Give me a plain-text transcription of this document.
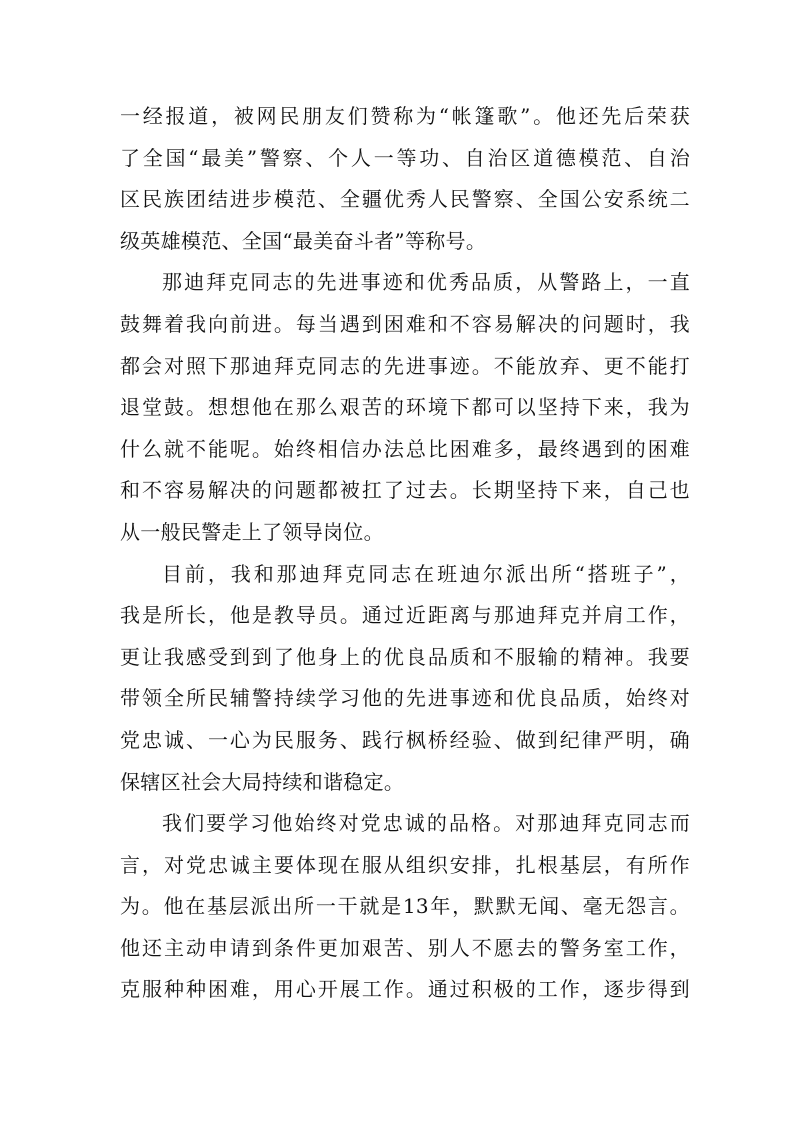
一经报道，被网民朋友们赞称为“帐篷歌”。他还先后荣获
了全国“最美”警察、个人一等功、自治区道德模范、自治
区民族团结进步模范、全疆优秀人民警察、全国公安系统二
级英雄模范、全国“最美奋斗者”等称号。
那迪拜克同志的先进事迹和优秀品质，从警路上，一直
鼓舞着我向前进。每当遇到困难和不容易解决的问题时，我
都会对照下那迪拜克同志的先进事迹。不能放弃、更不能打
退堂鼓。想想他在那么艰苦的环境下都可以坚持下来，我为
什么就不能呢。始终相信办法总比困难多，最终遇到的困难
和不容易解决的问题都被扛了过去。长期坚持下来，自己也
从一般民警走上了领导岗位。
目前，我和那迪拜克同志在班迪尔派出所“搭班子”，
我是所长，他是教导员。通过近距离与那迪拜克并肩工作，
更让我感受到到了他身上的优良品质和不服输的精神。我要
带领全所民辅警持续学习他的先进事迹和优良品质，始终对
党忠诚、一心为民服务、践行枫桥经验、做到纪律严明，确
保辖区社会大局持续和谐稳定。
我们要学习他始终对党忠诚的品格。对那迪拜克同志而
言，对党忠诚主要体现在服从组织安排，扎根基层，有所作
为。他在基层派出所一干就是13年，默默无闻、毫无怨言。
他还主动申请到条件更加艰苦、别人不愿去的警务室工作，
克服种种困难，用心开展工作。通过积极的工作，逐步得到
